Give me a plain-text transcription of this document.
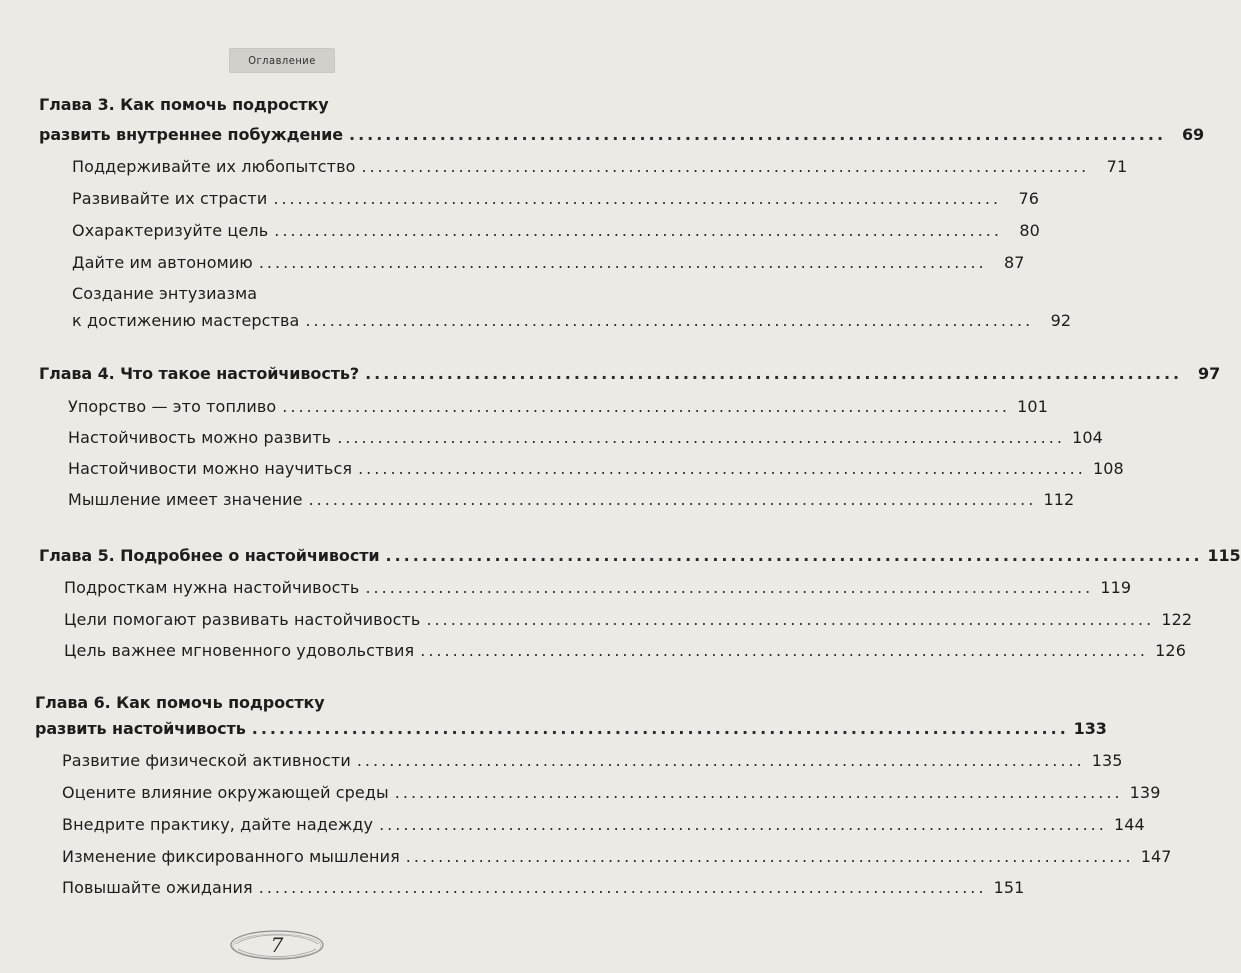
Оглавление
Глава 3. Как помочь подростку
развить внутреннее побуждение .......................................................................................... 69
Поддерживайте их любопытство ..........................................................................................	71
Развивайте их страсти ..........................................................................................	76
Охарактеризуйте цель ..........................................................................................	80
Дайте им автономию ..........................................................................................	87
Создание энтузиазма
к достижению мастерства ..........................................................................................	92
Глава 4. Что такое настойчивость? .......................................................................................... 97
Упорство — это топливо .......................................................................................... 101
Настойчивость можно развить .......................................................................................... 104
Настойчивости можно научиться .......................................................................................... 108
Мышление имеет значение .......................................................................................... 112
Глава 5. Подробнее о настойчивости .......................................................................................... 115
Подросткам нужна настойчивость .......................................................................................... 119
Цели помогают развивать настойчивость .......................................................................................... 122
Цель важнее мгновенного удовольствия .......................................................................................... 126
Глава 6. Как помочь подростку
развить настойчивость .......................................................................................... 133
Развитие физической активности .......................................................................................... 135
Оцените влияние окружающей среды .......................................................................................... 139
Внедрите практику, дайте надежду .......................................................................................... 144
Изменение фиксированного мышления .......................................................................................... 147
Повышайте ожидания .......................................................................................... 151
7
